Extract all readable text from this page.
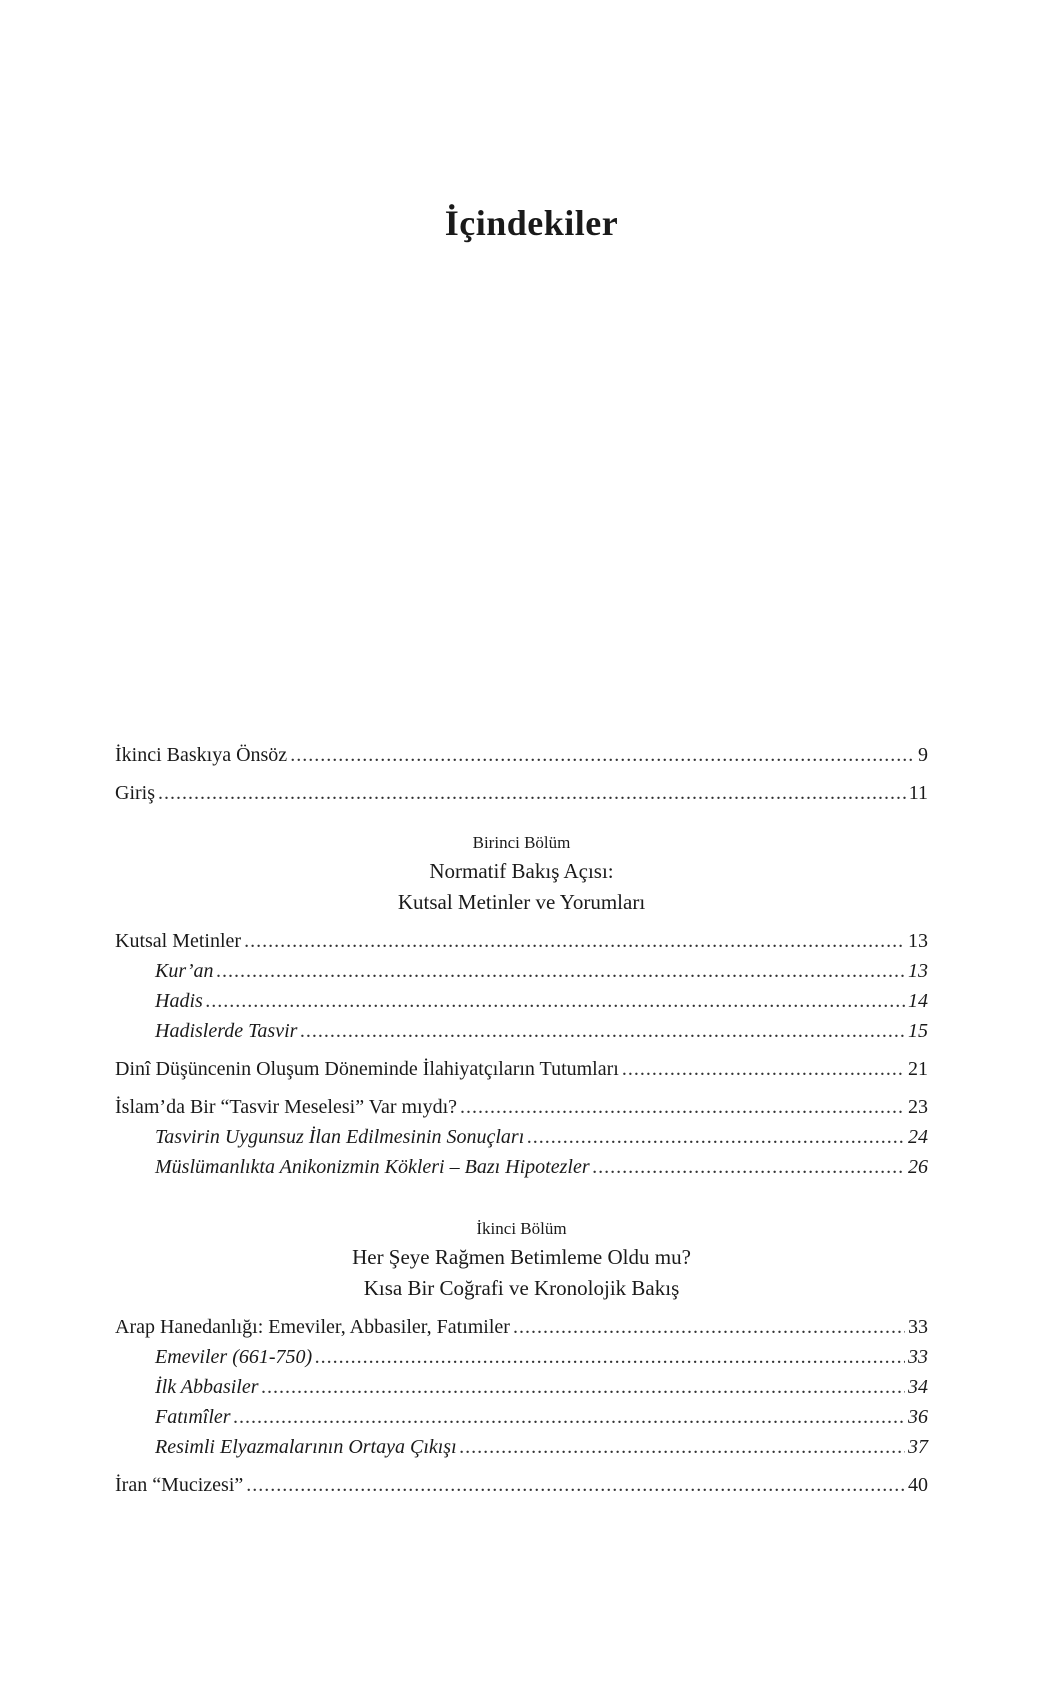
İçindekiler
İkinci Baskıya Önsöz .....	9
Giriş .....	11
Birinci Bölüm
Normatif Bakış Açısı:
Kutsal Metinler ve Yorumları
Kutsal Metinler .....	13
Kur’an .....	13
Hadis .....	14
Hadislerde Tasvir .....	15
Dinî Düşüncenin Oluşum Döneminde İlahiyatçıların Tutumları .....	21
İslam’da Bir “Tasvir Meselesi” Var mıydı? .....	23
Tasvirin Uygunsuz İlan Edilmesinin Sonuçları .....	24
Müslümanlıkta Anikonizmin Kökleri – Bazı Hipotezler .....	26
İkinci Bölüm
Her Şeye Rağmen Betimleme Oldu mu?
Kısa Bir Coğrafi ve Kronolojik Bakış
Arap Hanedanlığı: Emeviler, Abbasiler, Fatımiler .....	33
Emeviler (661-750) .....	33
İlk Abbasiler .....	34
Fatımîler .....	36
Resimli Elyazmalarının Ortaya Çıkışı .....	37
İran “Mucizesi” .....	40
